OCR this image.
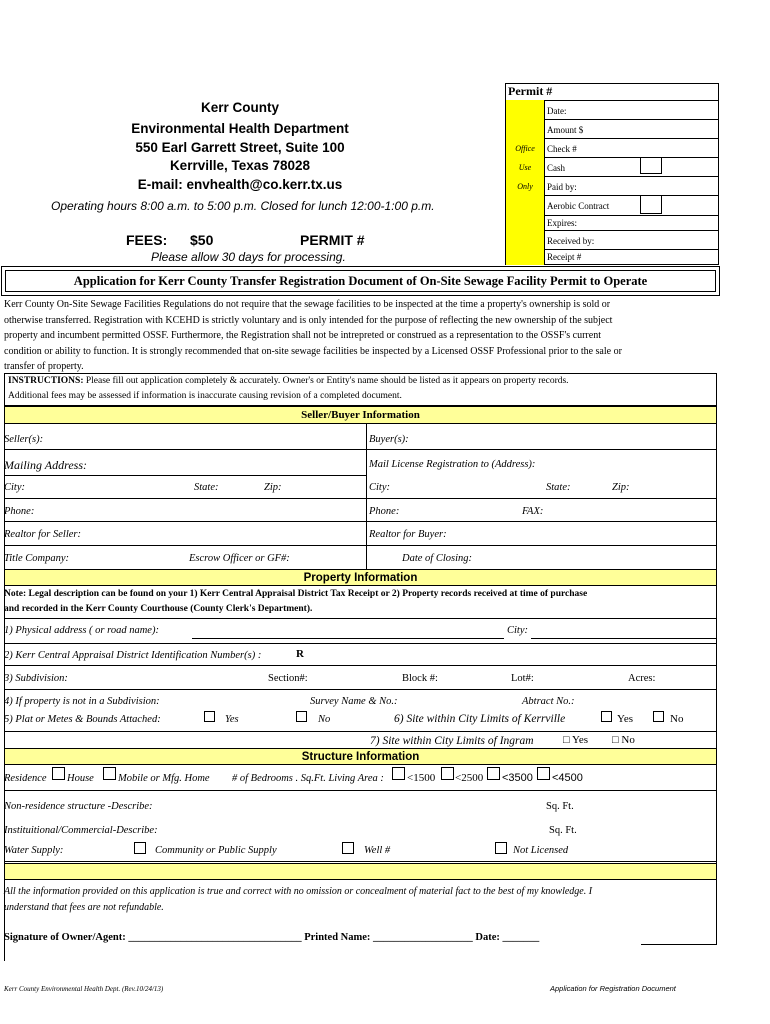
Kerr County
Environmental Health Department
550 Earl Garrett Street, Suite 100
Kerrville, Texas 78028
E-mail: envhealth@co.kerr.tx.us
Operating hours 8:00 a.m. to 5:00 p.m. Closed for lunch 12:00-1:00 p.m.
FEES: $50	PERMIT #
Please allow 30 days for processing.
Permit #
Office
Use
Only
Date:
Amount $
Check #
Cash
Paid by:
Aerobic Contract
Expires:
Received by:
Receipt #
Application for Kerr County Transfer Registration Document of On-Site Sewage Facility Permit to Operate
Kerr County On-Site Sewage Facilities Regulations do not require that the sewage facilities to be inspected at the time a property's ownership is sold or
otherwise transferred. Registration with KCEHD is strictly voluntary and is only intended for the purpose of reflecting the new ownership of the subject
property and incumbent permitted OSSF. Furthermore, the Registration shall not be intrepreted or construed as a representation to the OSSF's current
condition or ability to function. It is strongly recommended that on-site sewage facilities be inspected by a Licensed OSSF Professional prior to the sale or
transfer of property.
INSTRUCTIONS: Please fill out application completely & accurately. Owner's or Entity's name should be listed as it appears on property records.
Additional fees may be assessed if information is inaccurate causing revision of a completed document.
Seller/Buyer Information
Seller(s):	Buyer(s):
Mailing Address:	Mail License Registration to (Address):
City:	State:	Zip:	City:	State:	Zip:
Phone:	Phone:	FAX:
Realtor for Seller:	Realtor for Buyer:
Title Company:	Escrow Officer or GF#:	Date of Closing:
Property Information
Note: Legal description can be found on your 1) Kerr Central Appraisal District Tax Receipt or 2) Property records received at time of purchase
and recorded in the Kerr County Courthouse (County Clerk's Department).
1) Physical address ( or road name):	City:
2) Kerr Central Appraisal District Identification Number(s) :	R
3) Subdivision:	Section#:	Block #:	Lot#:	Acres:
4) If property is not in a Subdivision:	Survey Name & No.:	Abtract No.:
5) Plat or Metes & Bounds Attached:	Yes	No	6) Site within City Limits of Kerrville	Yes	No
7) Site within City Limits of Ingram	□ Yes □ No
Structure Information
Residence House Mobile or Mfg. Home # of Bedrooms . Sq.Ft. Living Area : <1500 <2500 <3500 <4500
Non-residence structure -Describe:	Sq. Ft.
Instituitional/Commercial-Describe:	Sq. Ft.
Water Supply:	Community or Public Supply	Well #	Not Licensed
All the information provided on this application is true and correct with no omission or concealment of material fact to the best of my knowledge. I
understand that fees are not refundable.
Signature of Owner/Agent: _________________________________ Printed Name: ___________________ Date: _______
Kerr County Environmental Health Dept. (Rev.10/24/13)	Application for Registration Document
